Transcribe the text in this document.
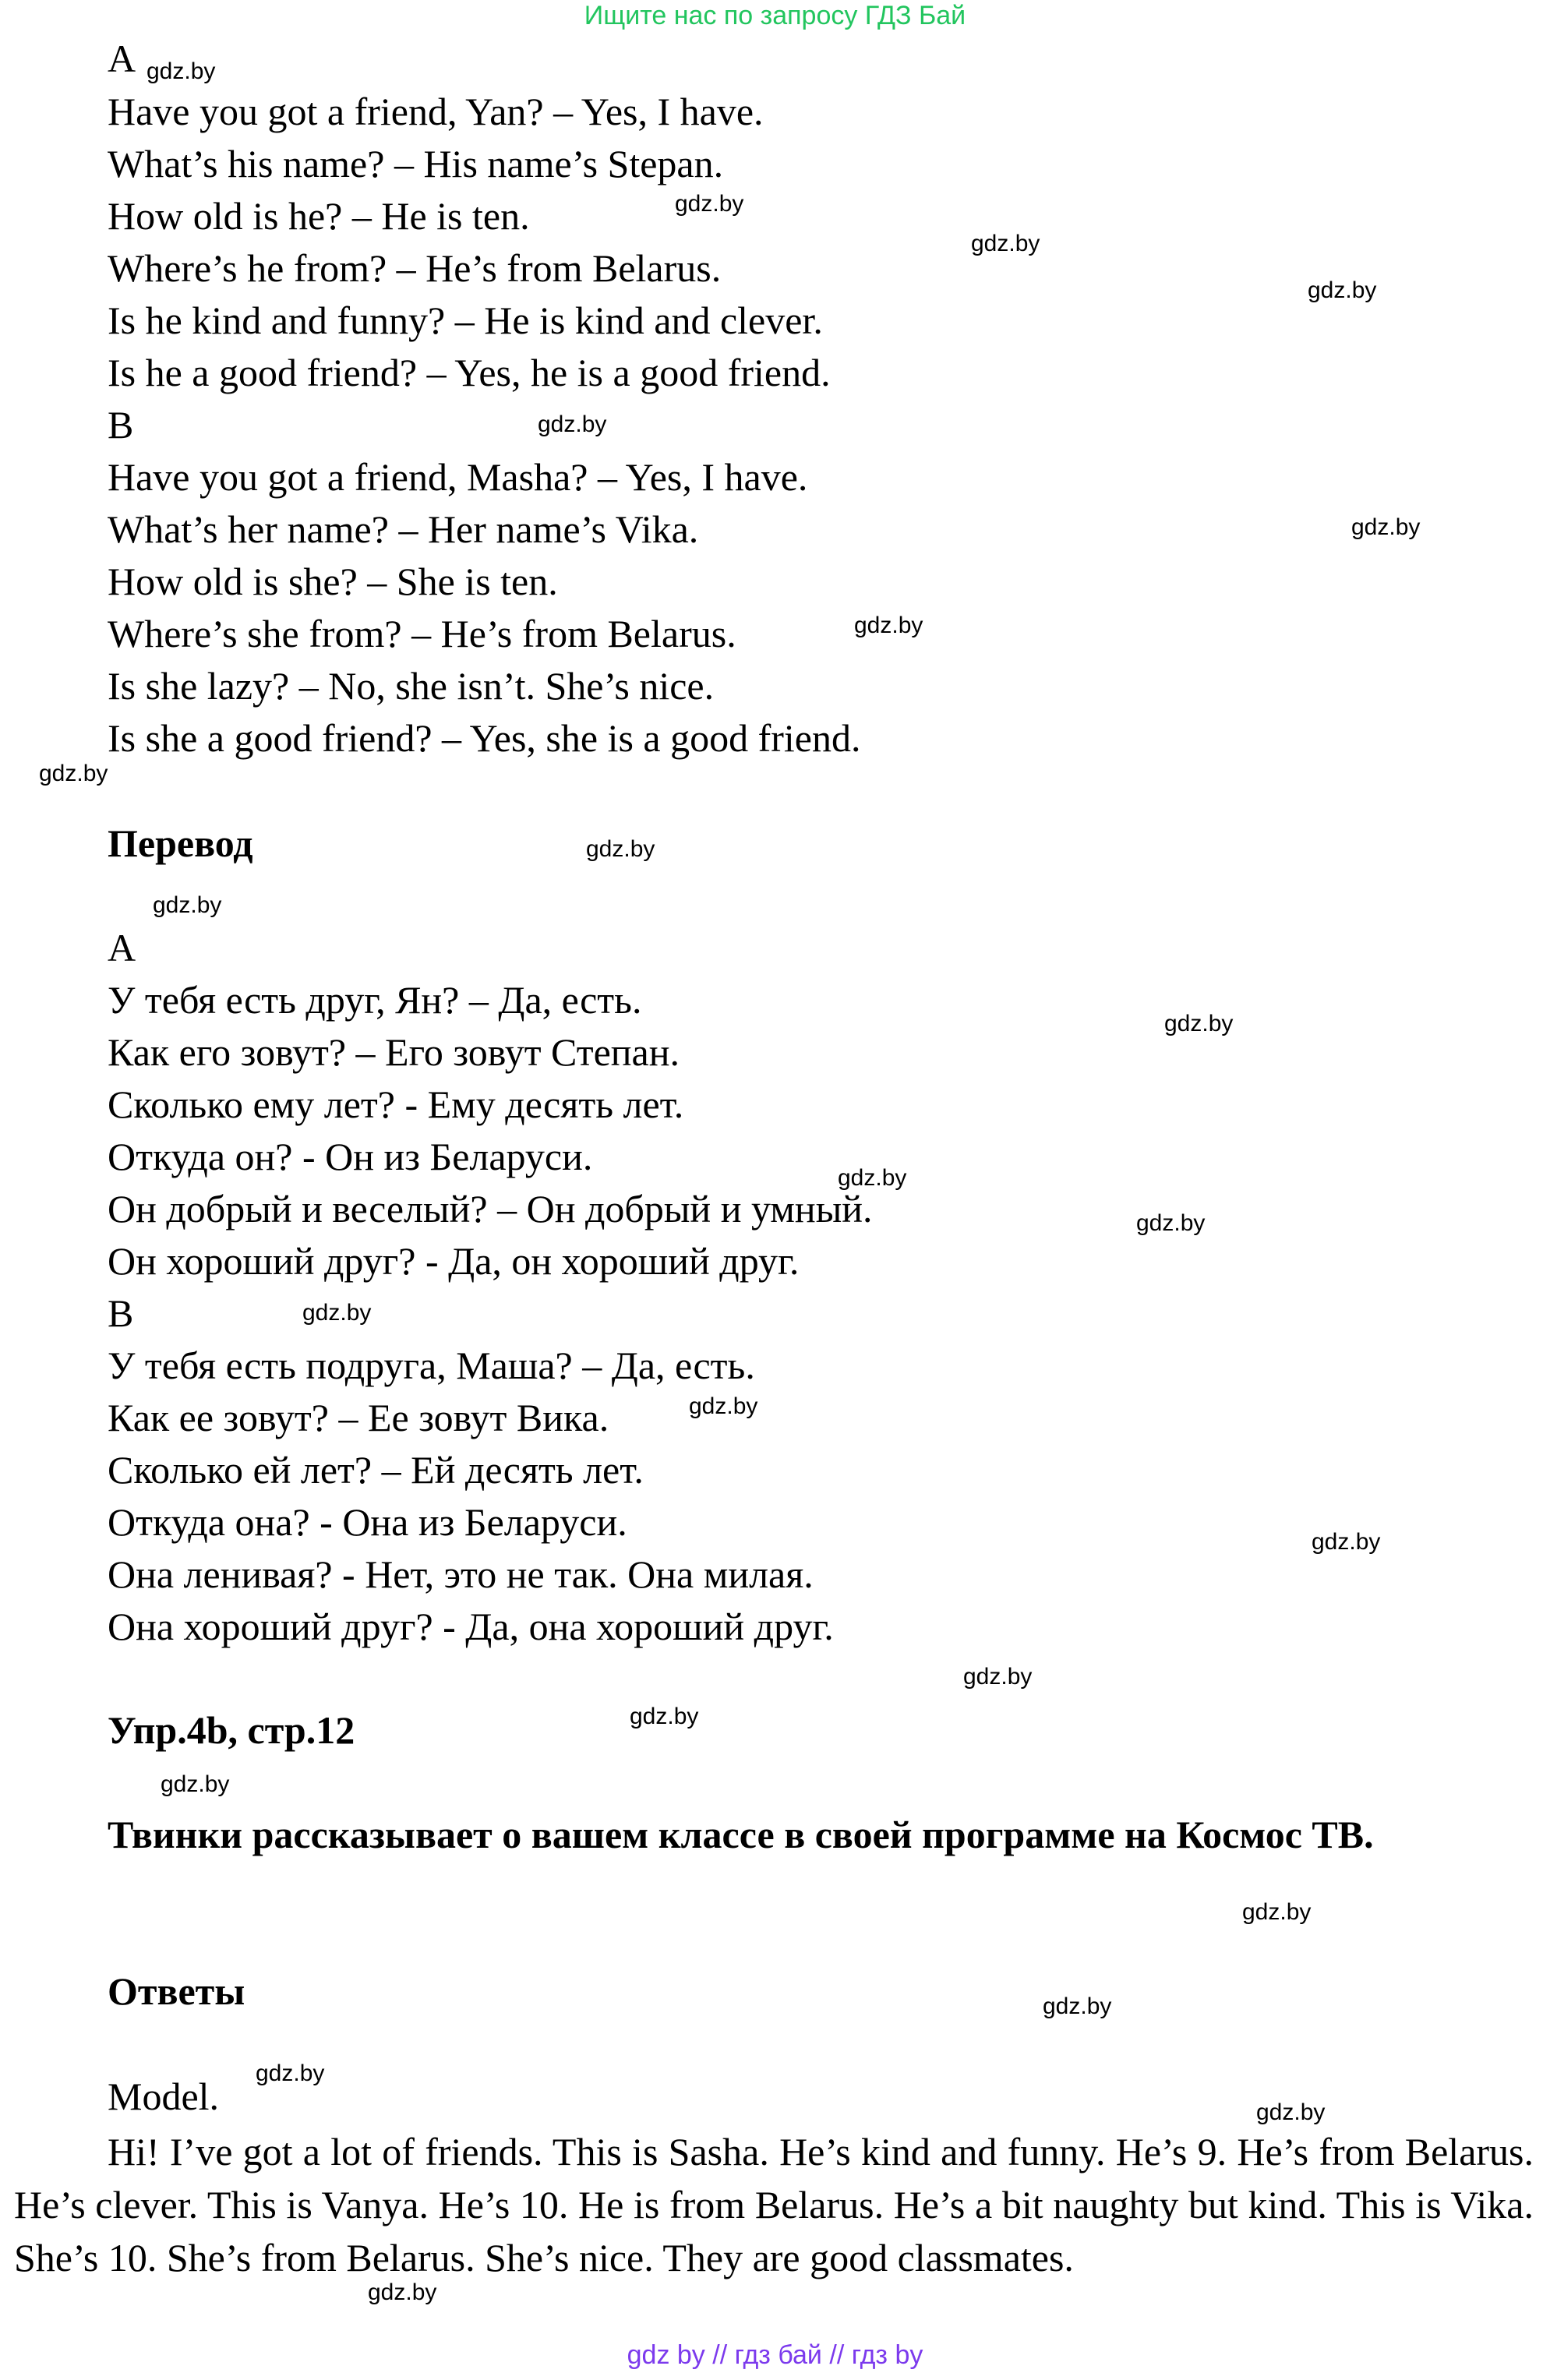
Ищите нас по запросу ГДЗ Бай
A
Have you got a friend, Yan? – Yes, I have.
What’s his name? – His name’s Stepan.
How old is he? – He is ten.
Where’s he from? – He’s from Belarus.
Is he kind and funny? – He is kind and clever.
Is he a good friend? – Yes, he is a good friend.
B
Have you got a friend, Masha? – Yes, I have.
What’s her name? – Her name’s Vika.
How old is she? – She is ten.
Where’s she from? – He’s from Belarus.
Is she lazy? – No, she isn’t. She’s nice.
Is she a good friend? – Yes, she is a good friend.
Перевод
A
У тебя есть друг, Ян? – Да, есть.
Как его зовут? – Его зовут Степан.
Сколько ему лет? - Ему десять лет.
Откуда он? - Он из Беларуси.
Он добрый и веселый? – Он добрый и умный.
Он хороший друг? - Да, он хороший друг.
B
У тебя есть подруга, Маша? – Да, есть.
Как ее зовут? – Ее зовут Вика.
Сколько ей лет? – Ей десять лет.
Откуда она? - Она из Беларуси.
Она ленивая? - Нет, это не так. Она милая.
Она хороший друг? - Да, она хороший друг.
Упр.4b, стр.12
Твинки рассказывает о вашем классе в своей программе на Космос ТВ.
Ответы
Model.
Hi! I’ve got a lot of friends. This is Sasha. He’s kind and funny. He’s 9. He’s from Belarus. He’s clever. This is Vanya. He’s 10. He is from Belarus. He’s a bit naughty but kind. This is Vika. She’s 10. She’s from Belarus. She’s nice. They are good classmates.
gdz.by
gdz.by
gdz.by
gdz.by
gdz.by
gdz.by
gdz.by
gdz.by
gdz.by
gdz.by
gdz.by
gdz.by
gdz.by
gdz.by
gdz.by
gdz.by
gdz.by
gdz.by
gdz.by
gdz.by
gdz.by
gdz.by
gdz.by
gdz.by
gdz by // гдз бай // гдз by
